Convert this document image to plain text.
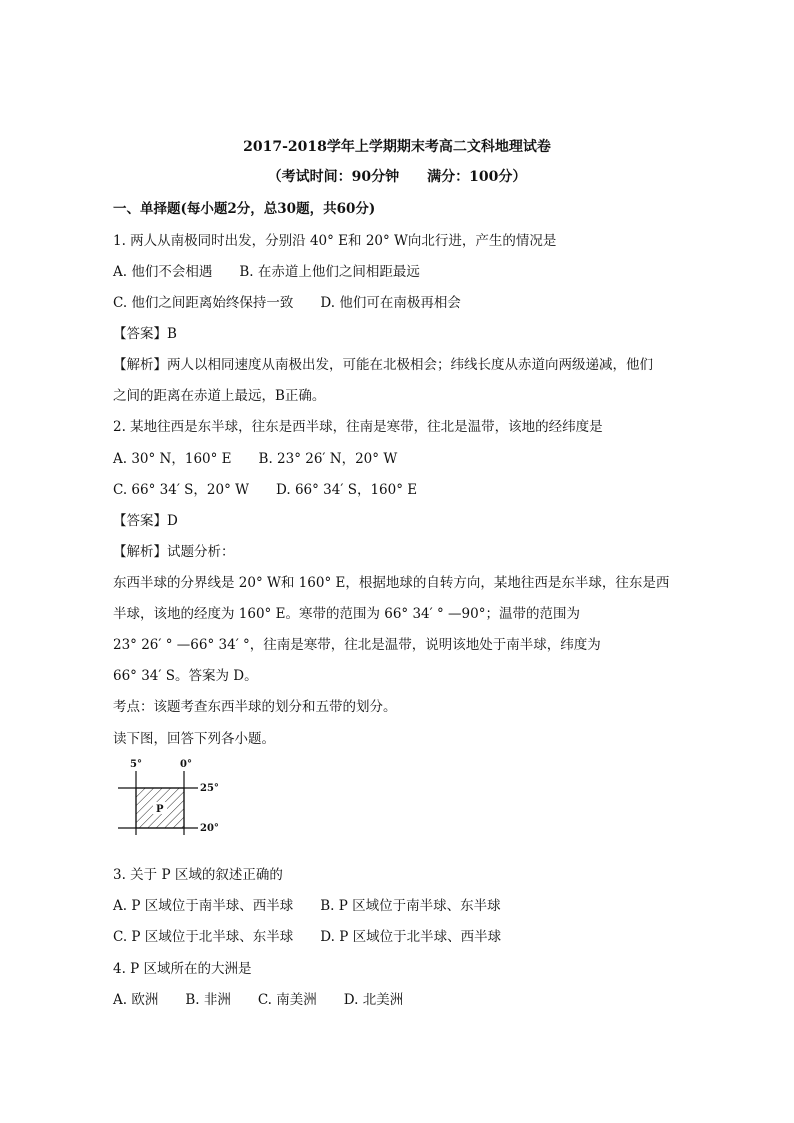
2017-2018学年上学期期末考高二文科地理试卷
（考试时间：90分钟　　满分：100分）
一、单择题(每小题2分，总30题，共60分)
1. 两人从南极同时出发，分别沿 40° E和 20° W向北行进，产生的情况是
A. 他们不会相遇　　B. 在赤道上他们之间相距最远
C. 他们之间距离始终保持一致　　D. 他们可在南极再相会
【答案】B
【解析】两人以相同速度从南极出发，可能在北极相会；纬线长度从赤道向两级递减，他们
之间的距离在赤道上最远，B正确。
2. 某地往西是东半球，往东是西半球，往南是寒带，往北是温带，该地的经纬度是
A. 30° N，160° E　　B. 23° 26′ N，20° W
C. 66° 34′ S，20° W　　D. 66° 34′ S，160° E
【答案】D
【解析】试题分析：
东西半球的分界线是 20° W和 160° E，根据地球的自转方向，某地往西是东半球，往东是西
半球，该地的经度为 160° E。寒带的范围为 66° 34′ ° —90°；温带的范围为
23° 26′ ° —66° 34′ °，往南是寒带，往北是温带，说明该地处于南半球，纬度为
66° 34′ S。答案为 D。
考点：该题考查东西半球的划分和五带的划分。
读下图，回答下列各小题。
5°	0°
25°
20°
P
3. 关于 P 区域的叙述正确的
A. P 区域位于南半球、西半球　　B. P 区域位于南半球、东半球
C. P 区域位于北半球、东半球　　D. P 区域位于北半球、西半球
4. P 区域所在的大洲是
A. 欧洲　　B. 非洲　　C. 南美洲　　D. 北美洲
